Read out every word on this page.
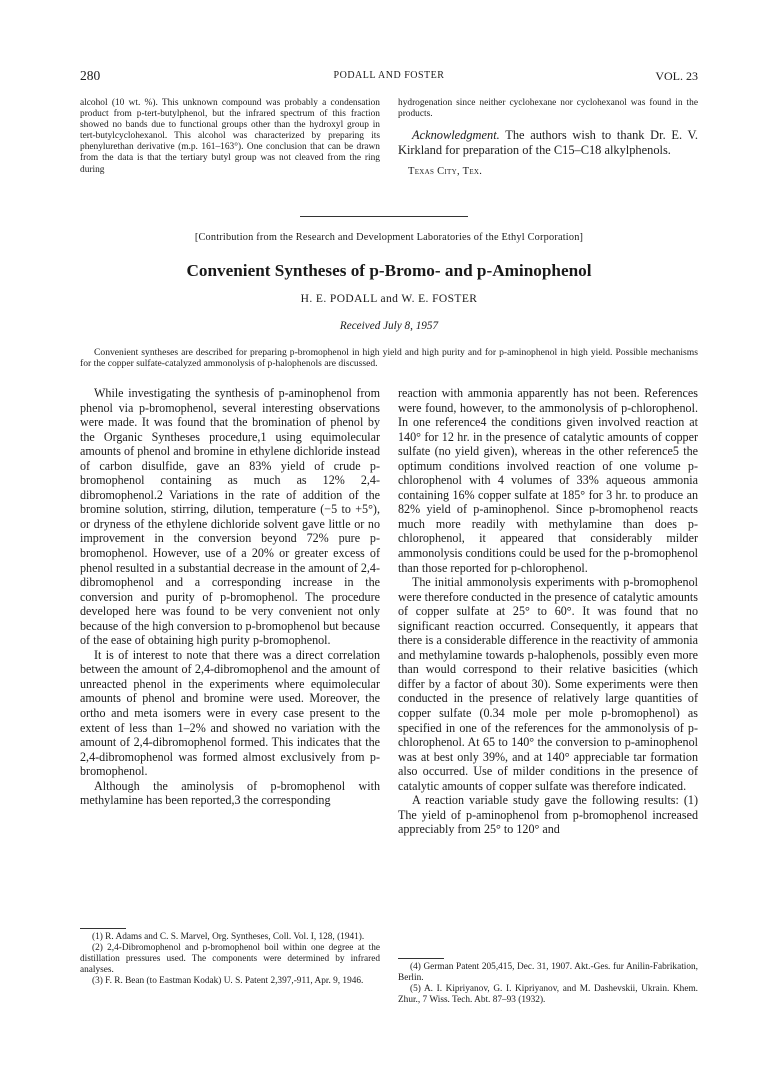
280	PODALL AND FOSTER	VOL. 23
alcohol (10 wt. %). This unknown compound was probably a condensation product from p-tert-butylphenol, but the infrared spectrum of this fraction showed no bands due to functional groups other than the hydroxyl group in tert-butylcyclohexanol. This alcohol was characterized by preparing its phenylurethan derivative (m.p. 161–163°). One conclusion that can be drawn from the data is that the tertiary butyl group was not cleaved from the ring during
hydrogenation since neither cyclohexane nor cyclohexanol was found in the products.
Acknowledgment. The authors wish to thank Dr. E. V. Kirkland for preparation of the C15–C18 alkylphenols.
Texas City, Tex.
[Contribution from the Research and Development Laboratories of the Ethyl Corporation]
Convenient Syntheses of p-Bromo- and p-Aminophenol
H. E. PODALL and W. E. FOSTER
Received July 8, 1957
Convenient syntheses are described for preparing p-bromophenol in high yield and high purity and for p-aminophenol in high yield. Possible mechanisms for the copper sulfate-catalyzed ammonolysis of p-halophenols are discussed.
While investigating the synthesis of p-aminophenol from phenol via p-bromophenol, several interesting observations were made. It was found that the bromination of phenol by the Organic Syntheses procedure,1 using equimolecular amounts of phenol and bromine in ethylene dichloride instead of carbon disulfide, gave an 83% yield of crude p-bromophenol containing as much as 12% 2,4-dibromophenol.2 Variations in the rate of addition of the bromine solution, stirring, dilution, temperature (−5 to +5°), or dryness of the ethylene dichloride solvent gave little or no improvement in the conversion beyond 72% pure p-bromophenol. However, use of a 20% or greater excess of phenol resulted in a substantial decrease in the amount of 2,4-dibromophenol and a corresponding increase in the conversion and purity of p-bromophenol. The procedure developed here was found to be very convenient not only because of the high conversion to p-bromophenol but because of the ease of obtaining high purity p-bromophenol.
It is of interest to note that there was a direct correlation between the amount of 2,4-dibromophenol and the amount of unreacted phenol in the experiments where equimolecular amounts of phenol and bromine were used. Moreover, the ortho and meta isomers were in every case present to the extent of less than 1–2% and showed no variation with the amount of 2,4-dibromophenol formed. This indicates that the 2,4-dibromophenol was formed almost exclusively from p-bromophenol.
Although the aminolysis of p-bromophenol with methylamine has been reported,3 the corresponding
reaction with ammonia apparently has not been. References were found, however, to the ammonolysis of p-chlorophenol. In one reference4 the conditions given involved reaction at 140° for 12 hr. in the presence of catalytic amounts of copper sulfate (no yield given), whereas in the other reference5 the optimum conditions involved reaction of one volume p-chlorophenol with 4 volumes of 33% aqueous ammonia containing 16% copper sulfate at 185° for 3 hr. to produce an 82% yield of p-aminophenol. Since p-bromophenol reacts much more readily with methylamine than does p-chlorophenol, it appeared that considerably milder ammonolysis conditions could be used for the p-bromophenol than those reported for p-chlorophenol.
The initial ammonolysis experiments with p-bromophenol were therefore conducted in the presence of catalytic amounts of copper sulfate at 25° to 60°. It was found that no significant reaction occurred. Consequently, it appears that there is a considerable difference in the reactivity of ammonia and methylamine towards p-halophenols, possibly even more than would correspond to their relative basicities (which differ by a factor of about 30). Some experiments were then conducted in the presence of relatively large quantities of copper sulfate (0.34 mole per mole p-bromophenol) as specified in one of the references for the ammonolysis of p-chlorophenol. At 65 to 140° the conversion to p-aminophenol was at best only 39%, and at 140° appreciable tar formation also occurred. Use of milder conditions in the presence of catalytic amounts of copper sulfate was therefore indicated.
A reaction variable study gave the following results: (1) The yield of p-aminophenol from p-bromophenol increased appreciably from 25° to 120° and
(1) R. Adams and C. S. Marvel, Org. Syntheses, Coll. Vol. I, 128, (1941).
(2) 2,4-Dibromophenol and p-bromophenol boil within one degree at the distillation pressures used. The components were determined by infrared analyses.
(3) F. R. Bean (to Eastman Kodak) U. S. Patent 2,397,-911, Apr. 9, 1946.
(4) German Patent 205,415, Dec. 31, 1907. Akt.-Ges. fur Anilin-Fabrikation, Berlin.
(5) A. I. Kipriyanov, G. I. Kipriyanov, and M. Dashevskii, Ukrain. Khem. Zhur., 7 Wiss. Tech. Abt. 87–93 (1932).
